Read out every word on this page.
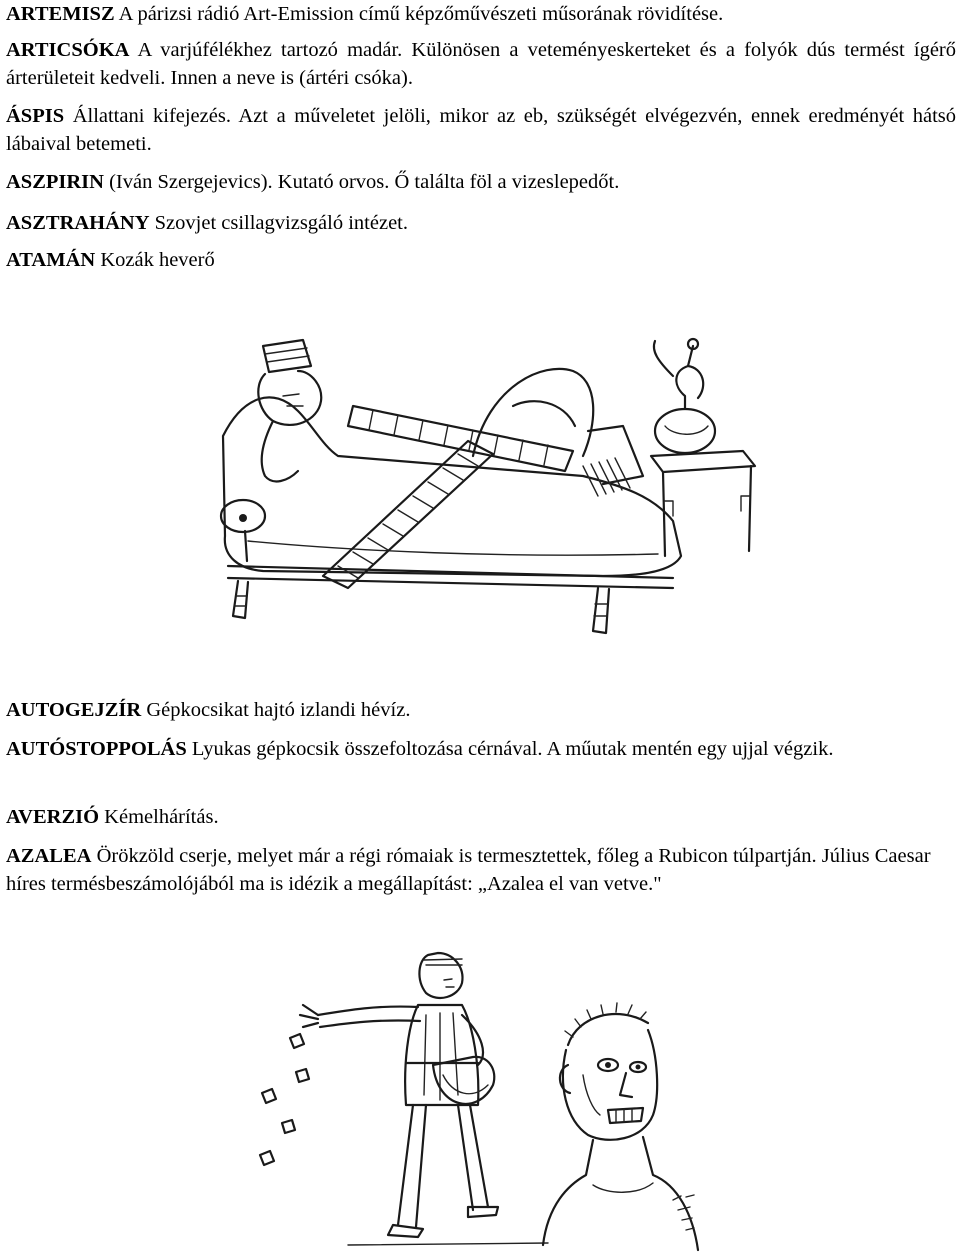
ARTEMISZ A párizsi rádió Art-Emission című képzőművészeti műsorának rövidítése.

ARTICSÓKA A varjúfélékhez tartozó madár. Különösen a veteményeskerteket és a folyók dús termést ígérő árterületeit kedveli. Innen a neve is (ártéri csóka).

ÁSPIS Állattani kifejezés. Azt a műveletet jelöli, mikor az eb, szükségét elvégezvén, ennek eredményét hátsó lábaival betemeti.

ASZPIRIN (Iván Szergejevics). Kutató orvos. Ő találta föl a vizeslepedőt.

ASZTRAHÁNY Szovjet csillagvizsgáló intézet.

ATAMÁN Kozák heverő

AUTOGEJZÍR Gépkocsikat hajtó izlandi hévíz.

AUTÓSTOPPOLÁS Lyukas gépkocsik összefoltozása cérnával. A műutak mentén egy ujjal végzik.

AVERZIÓ Kémelhárítás.

AZALEA Örökzöld cserje, melyet már a régi rómaiak is termesztettek, főleg a Rubicon túlpartján. Július Caesar híres termésbeszámolójából ma is idézik a megállapítást: „Azalea el van vetve."
